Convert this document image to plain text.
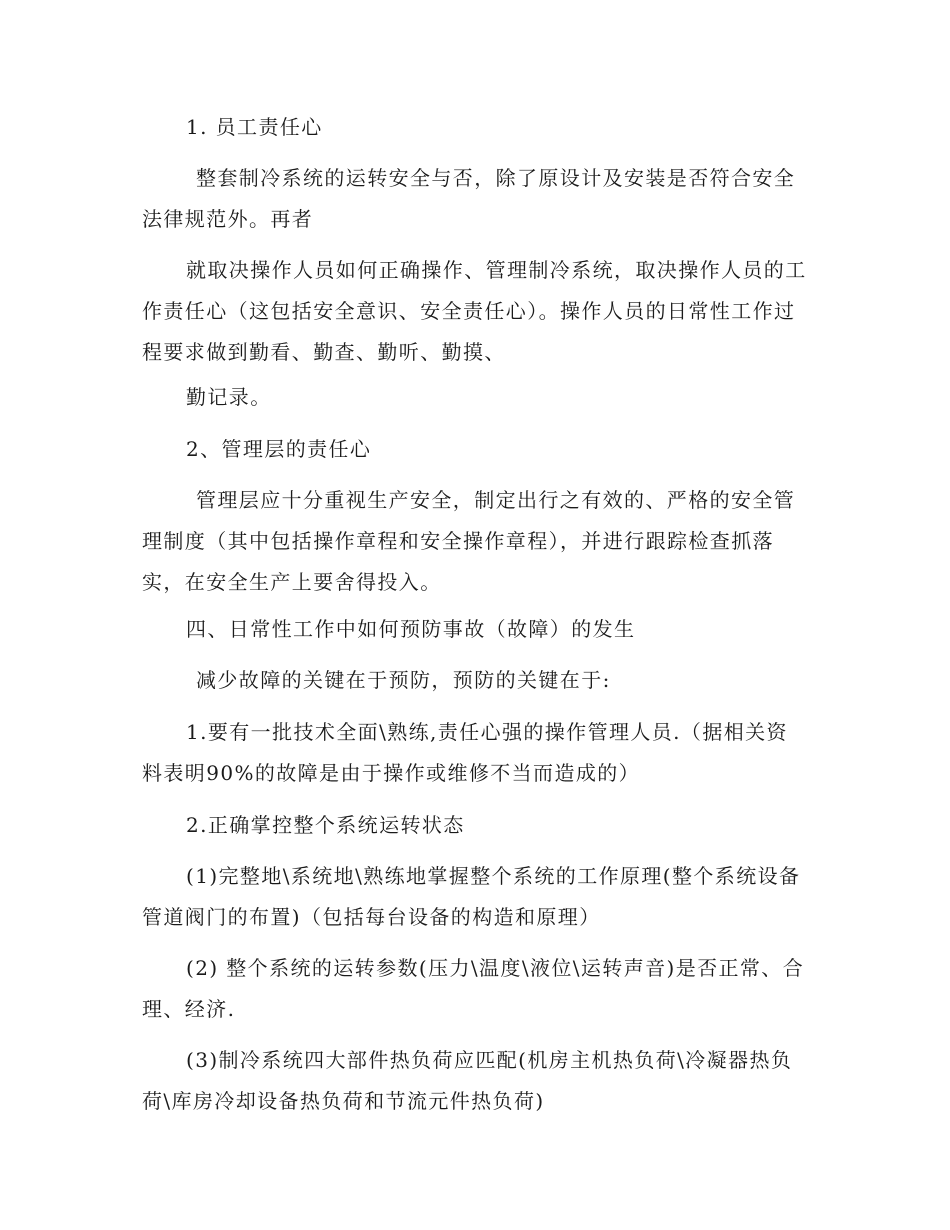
1. 员工责任心
整套制冷系统的运转安全与否，除了原设计及安装是否符合安全法律规范外。再者
就取决操作人员如何正确操作、管理制冷系统，取决操作人员的工作责任心（这包括安全意识、安全责任心）。操作人员的日常性工作过程要求做到勤看、勤查、勤听、勤摸、
勤记录。
2、管理层的责任心
管理层应十分重视生产安全，制定出行之有效的、严格的安全管理制度（其中包括操作章程和安全操作章程），并进行跟踪检查抓落实，在安全生产上要舍得投入。
四、日常性工作中如何预防事故（故障）的发生
减少故障的关键在于预防，预防的关键在于:
1.要有一批技术全面\熟练,责任心强的操作管理人员.（据相关资料表明90%的故障是由于操作或维修不当而造成的）
2.正确掌控整个系统运转状态
(1)完整地\系统地\熟练地掌握整个系统的工作原理(整个系统设备管道阀门的布置)（包括每台设备的构造和原理）
(2) 整个系统的运转参数(压力\温度\液位\运转声音)是否正常、合理、经济.
(3)制冷系统四大部件热负荷应匹配(机房主机热负荷\冷凝器热负荷\库房冷却设备热负荷和节流元件热负荷)
